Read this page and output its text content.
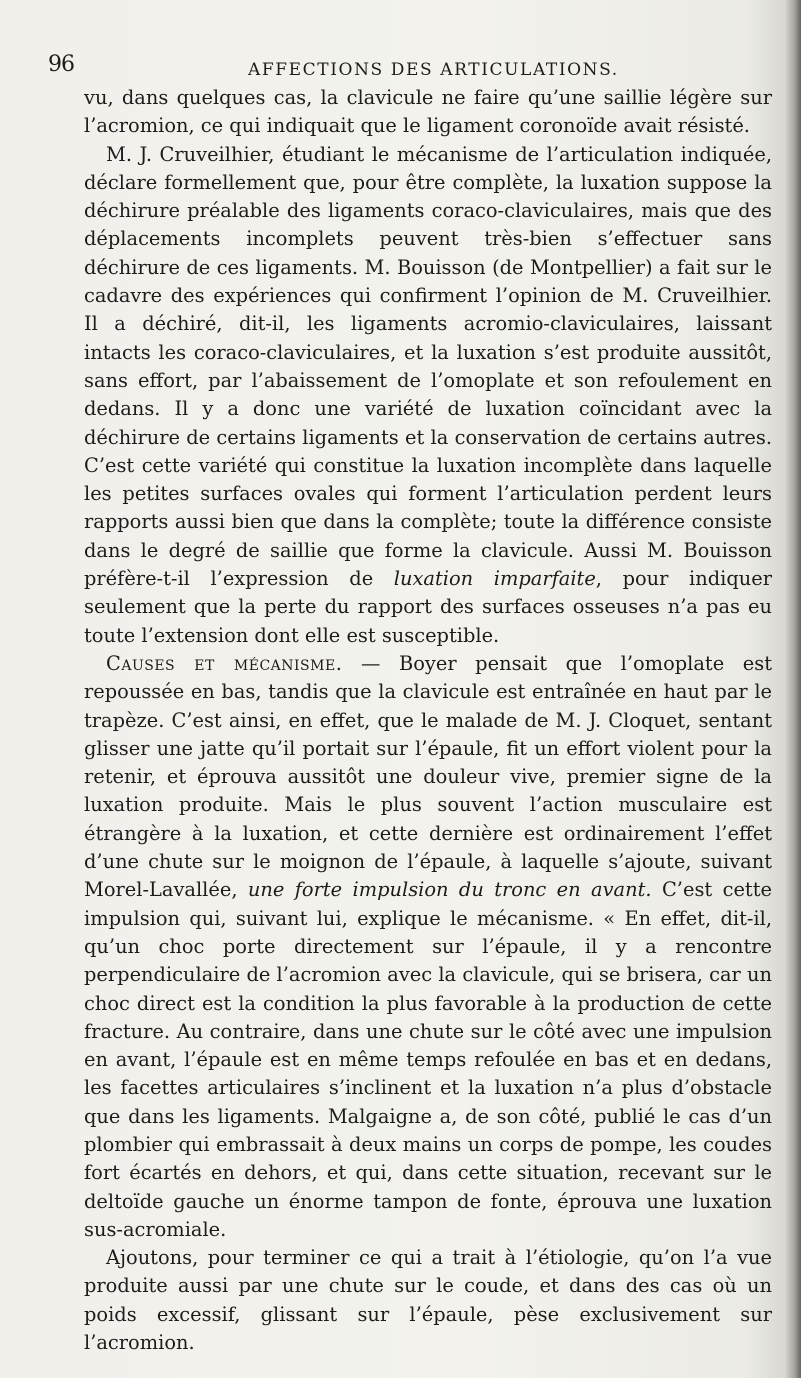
96	AFFECTIONS DES ARTICULATIONS.

vu, dans quelques cas, la clavicule ne faire qu’une saillie légère sur l’acromion, ce qui indiquait que le ligament coronoïde avait résisté.

M. J. Cruveilhier, étudiant le mécanisme de l’articulation indiquée, déclare formellement que, pour être complète, la luxation suppose la déchirure préalable des ligaments coraco-claviculaires, mais que des déplacements incomplets peuvent très-bien s’effectuer sans déchirure de ces ligaments. M. Bouisson (de Montpellier) a fait sur le cadavre des expériences qui confirment l’opinion de M. Cruveilhier. Il a déchiré, dit-il, les ligaments acromio-claviculaires, laissant intacts les coraco-claviculaires, et la luxation s’est produite aussitôt, sans effort, par l’abaissement de l’omoplate et son refoulement en dedans. Il y a donc une variété de luxation coïncidant avec la déchirure de certains ligaments et la conservation de certains autres. C’est cette variété qui constitue la luxation incomplète dans laquelle les petites surfaces ovales qui forment l’articulation perdent leurs rapports aussi bien que dans la complète; toute la différence consiste dans le degré de saillie que forme la clavicule. Aussi M. Bouisson préfère-t-il l’expression de luxation imparfaite, pour indiquer seulement que la perte du rapport des surfaces osseuses n’a pas eu toute l’extension dont elle est susceptible.

Causes et mécanisme. — Boyer pensait que l’omoplate est repoussée en bas, tandis que la clavicule est entraînée en haut par le trapèze. C’est ainsi, en effet, que le malade de M. J. Cloquet, sentant glisser une jatte qu’il portait sur l’épaule, fit un effort violent pour la retenir, et éprouva aussitôt une douleur vive, premier signe de la luxation produite. Mais le plus souvent l’action musculaire est étrangère à la luxation, et cette dernière est ordinairement l’effet d’une chute sur le moignon de l’épaule, à laquelle s’ajoute, suivant Morel-Lavallée, une forte impulsion du tronc en avant. C’est cette impulsion qui, suivant lui, explique le mécanisme. « En effet, dit-il, qu’un choc porte directement sur l’épaule, il y a rencontre perpendiculaire de l’acromion avec la clavicule, qui se brisera, car un choc direct est la condition la plus favorable à la production de cette fracture. Au contraire, dans une chute sur le côté avec une impulsion en avant, l’épaule est en même temps refoulée en bas et en dedans, les facettes articulaires s’inclinent et la luxation n’a plus d’obstacle que dans les ligaments. Malgaigne a, de son côté, publié le cas d’un plombier qui embrassait à deux mains un corps de pompe, les coudes fort écartés en dehors, et qui, dans cette situation, recevant sur le deltoïde gauche un énorme tampon de fonte, éprouva une luxation sus-acromiale.

Ajoutons, pour terminer ce qui a trait à l’étiologie, qu’on l’a vue produite aussi par une chute sur le coude, et dans des cas où un poids excessif, glissant sur l’épaule, pèse exclusivement sur l’acromion.
